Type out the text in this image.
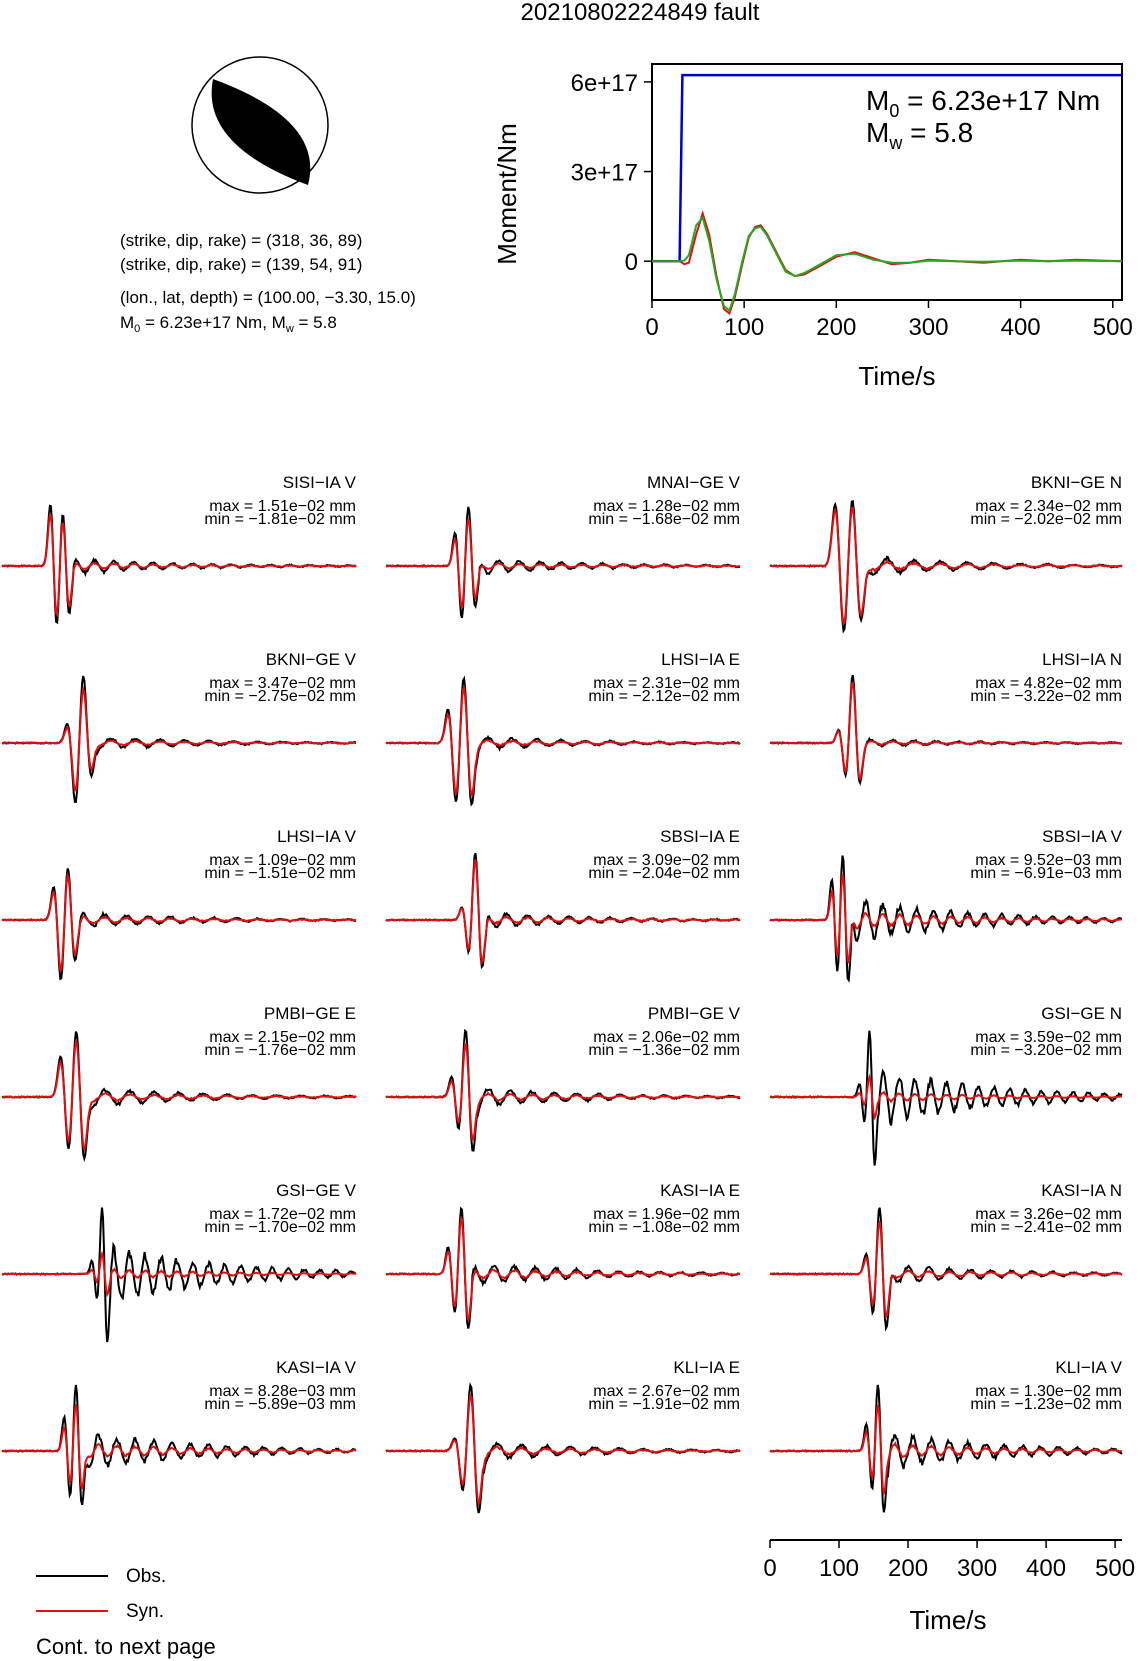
20210802224849 fault
(strike, dip, rake) = (318, 36, 89)
(strike, dip, rake) = (139, 54, 91)
(lon., lat, depth) = (100.00, −3.30, 15.0)
$M_0 = 6.23e+17$ Nm, $M_w = 5.8$	0	100 200 300 400 500
Time/s
0
3e+17
6e+17
Moment/Nm
$M_0 = 6.23e+17$ Nm
$M_w = 5.8$
SISI−IA V
max = 1.51e−02 mm
min = −1.81e−02 mm
MNAI−GE V
max = 1.28e−02 mm
min = −1.68e−02 mm
BKNI−GE N
max = 2.34e−02 mm
min = −2.02e−02 mm
BKNI−GE V
max = 3.47e−02 mm
min = −2.75e−02 mm
LHSI−IA E
max = 2.31e−02 mm
min = −2.12e−02 mm
LHSI−IA N
max = 4.82e−02 mm
min = −3.22e−02 mm
LHSI−IA V
max = 1.09e−02 mm
min = −1.51e−02 mm
SBSI−IA E
max = 3.09e−02 mm
min = −2.04e−02 mm
SBSI−IA V
max = 9.52e−03 mm
min = −6.91e−03 mm
PMBI−GE E
max = 2.15e−02 mm
min = −1.76e−02 mm
PMBI−GE V
max = 2.06e−02 mm
min = −1.36e−02 mm
GSI−GE N
max = 3.59e−02 mm
min = −3.20e−02 mm
GSI−GE V
max = 1.72e−02 mm
min = −1.70e−02 mm
KASI−IA E
max = 1.96e−02 mm
min = −1.08e−02 mm
KASI−IA N
max = 3.26e−02 mm
min = −2.41e−02 mm
KASI−IA V
max = 8.28e−03 mm
min = −5.89e−03 mm
KLI−IA E
max = 2.67e−02 mm
min = −1.91e−02 mm
KLI−IA V
max = 1.30e−02 mm
min = −1.23e−02 mm
0 100 200 300 400 500
Time/s
Obs.
Syn.
Cont. to next page
